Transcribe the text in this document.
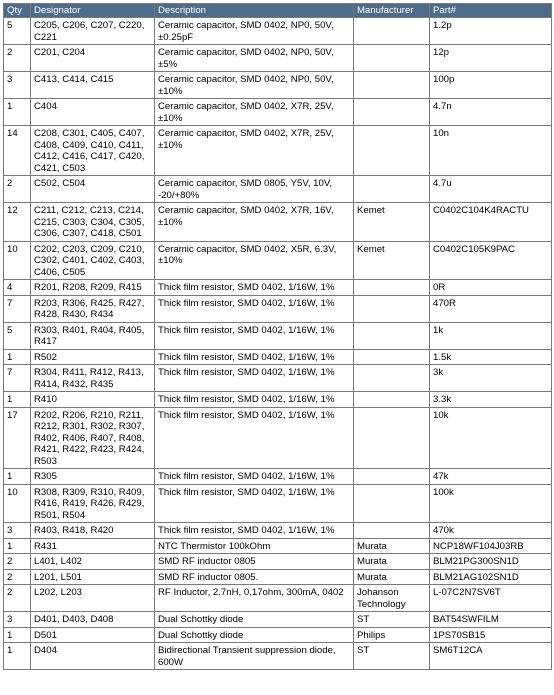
Qty	Designator	Description	Manufacturer	Part#
5	C205, C206, C207, C220, C221	Ceramic capacitor, SMD 0402, NP0, 50V, ±0.25pF		1.2p
2	C201, C204	Ceramic capacitor, SMD 0402, NP0, 50V, ±5%		12p
3	C413, C414, C415	Ceramic capacitor, SMD 0402, NP0, 50V, ±10%		100p
1	C404	Ceramic capacitor, SMD 0402, X7R, 25V, ±10%		4.7n
14	C208, C301, C405, C407, C408, C409, C410, C411, C412, C416, C417, C420, C421, C503	Ceramic capacitor, SMD 0402, X7R, 25V, ±10%		10n
2	C502, C504	Ceramic capacitor, SMD 0805, Y5V, 10V, -20/+80%		4.7u
12	C211, C212, C213, C214, C215, C303, C304, C305, C306, C307, C418, C501	Ceramic capacitor, SMD 0402, X7R, 16V, ±10%	Kemet	C0402C104K4RACTU
10	C202, C203, C209, C210, C302, C401, C402, C403, C406, C505	Ceramic capacitor, SMD 0402, X5R, 6.3V, ±10%	Kemet	C0402C105K9PAC
4	R201, R208, R209, R415	Thick film resistor, SMD 0402, 1/16W, 1%		0R
7	R203, R306, R425, R427, R428, R430, R434	Thick film resistor, SMD 0402, 1/16W, 1%		470R
5	R303, R401, R404, R405, R417	Thick film resistor, SMD 0402, 1/16W, 1%		1k
1	R502	Thick film resistor, SMD 0402, 1/16W, 1%		1.5k
7	R304, R411, R412, R413, R414, R432, R435	Thick film resistor, SMD 0402, 1/16W, 1%		3k
1	R410	Thick film resistor, SMD 0402, 1/16W, 1%		3.3k
17	R202, R206, R210, R211, R212, R301, R302, R307, R402, R406, R407, R408, R421, R422, R423, R424, R503	Thick film resistor, SMD 0402, 1/16W, 1%		10k
1	R305	Thick film resistor, SMD 0402, 1/16W, 1%		47k
10	R308, R309, R310, R409, R416, R419, R426, R429, R501, R504	Thick film resistor, SMD 0402, 1/16W, 1%		100k
3	R403, R418, R420	Thick film resistor, SMD 0402, 1/16W, 1%		470k
1	R431	NTC Thermistor 100kOhm	Murata	NCP18WF104J03RB
2	L401, L402	SMD RF inductor 0805	Murata	BLM21PG300SN1D
2	L201, L501	SMD RF inductor 0805.	Murata	BLM21AG102SN1D
2	L202, L203	RF Inductor, 2.7nH, 0,17ohm, 300mA, 0402	Johanson Technology	L-07C2N7SV6T
3	D401, D403, D408	Dual Schottky diode	ST	BAT54SWFILM
1	D501	Dual Schottky diode	Philips	1PS70SB15
1	D404	Bidirectional Transient suppression diode, 600W	ST	SM6T12CA
